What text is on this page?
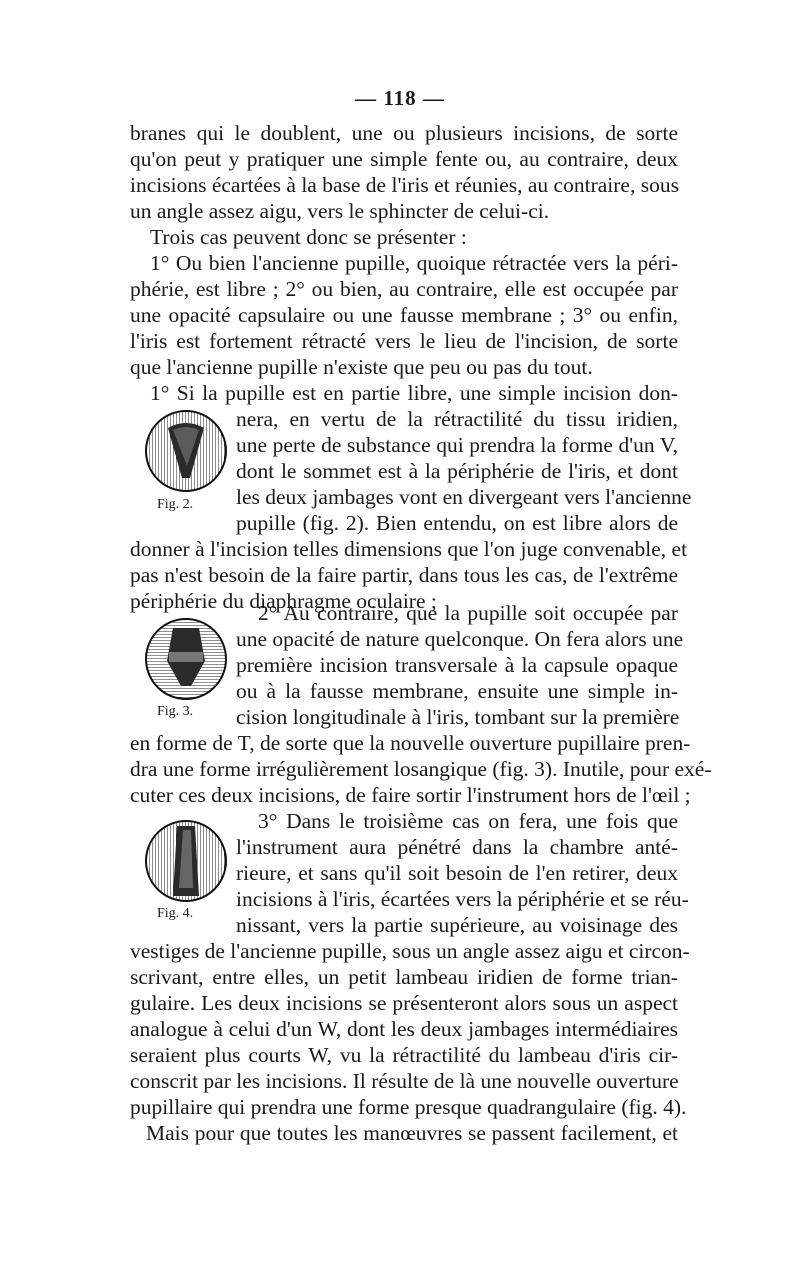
— 118 —
branes qui le doublent, une ou plusieurs incisions, de sorte
qu'on peut y pratiquer une simple fente ou, au contraire, deux
incisions écartées à la base de l'iris et réunies, au contraire, sous
un angle assez aigu, vers le sphincter de celui-ci.
Trois cas peuvent donc se présenter :
1° Ou bien l'ancienne pupille, quoique rétractée vers la péri-
phérie, est libre ; 2° ou bien, au contraire, elle est occupée par
une opacité capsulaire ou une fausse membrane ; 3° ou enfin,
l'iris est fortement rétracté vers le lieu de l'incision, de sorte
que l'ancienne pupille n'existe que peu ou pas du tout.
1° Si la pupille est en partie libre, une simple incision don-
Fig. 2.
nera, en vertu de la rétractilité du tissu iridien,
une perte de substance qui prendra la forme d'un V,
dont le sommet est à la périphérie de l'iris, et dont
les deux jambages vont en divergeant vers l'ancienne
pupille (fig. 2). Bien entendu, on est libre alors de
donner à l'incision telles dimensions que l'on juge convenable, et
pas n'est besoin de la faire partir, dans tous les cas, de l'extrême
périphérie du diaphragme oculaire ;
Fig. 3.
2° Au contraire, que la pupille soit occupée par
une opacité de nature quelconque. On fera alors une
première incision transversale à la capsule opaque
ou à la fausse membrane, ensuite une simple in-
cision longitudinale à l'iris, tombant sur la première
en forme de T, de sorte que la nouvelle ouverture pupillaire pren-
dra une forme irrégulièrement losangique (fig. 3). Inutile, pour exé-
cuter ces deux incisions, de faire sortir l'instrument hors de l'œil ;
Fig. 4.
3° Dans le troisième cas on fera, une fois que
l'instrument aura pénétré dans la chambre anté-
rieure, et sans qu'il soit besoin de l'en retirer, deux
incisions à l'iris, écartées vers la périphérie et se réu-
nissant, vers la partie supérieure, au voisinage des
vestiges de l'ancienne pupille, sous un angle assez aigu et circon-
scrivant, entre elles, un petit lambeau iridien de forme trian-
gulaire. Les deux incisions se présenteront alors sous un aspect
analogue à celui d'un W, dont les deux jambages intermédiaires
seraient plus courts W, vu la rétractilité du lambeau d'iris cir-
conscrit par les incisions. Il résulte de là une nouvelle ouverture
pupillaire qui prendra une forme presque quadrangulaire (fig. 4).
Mais pour que toutes les manœuvres se passent facilement, et
